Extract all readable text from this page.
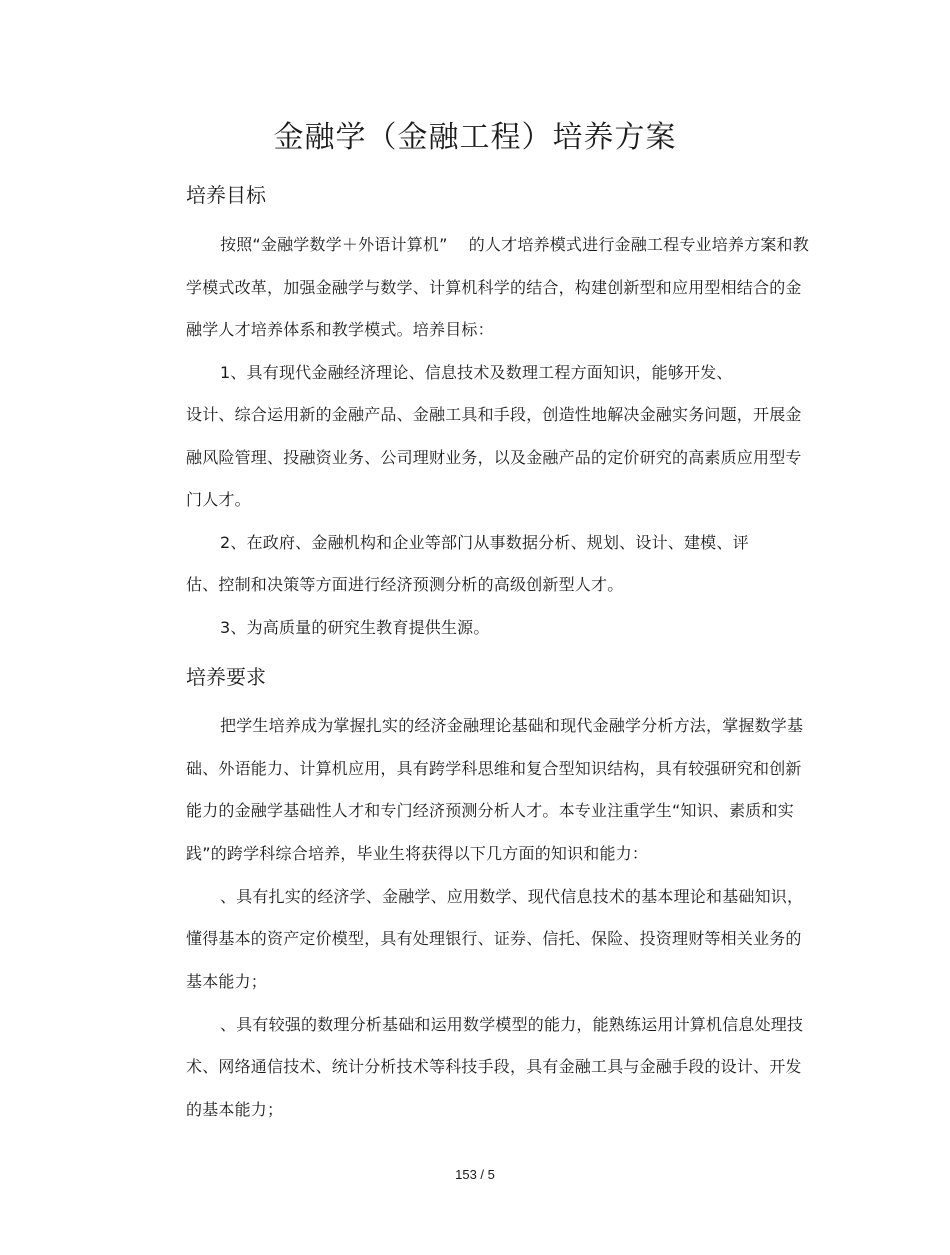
金融学（金融工程）培养方案
培养目标
按照“金融学数学＋外语计算机”    的人才培养模式进行金融工程专业培养方案和教
学模式改革，加强金融学与数学、计算机科学的结合，构建创新型和应用型相结合的金
融学人才培养体系和教学模式。培养目标：
1、具有现代金融经济理论、信息技术及数理工程方面知识，能够开发、
设计、综合运用新的金融产品、金融工具和手段，创造性地解决金融实务问题，开展金
融风险管理、投融资业务、公司理财业务，以及金融产品的定价研究的高素质应用型专
门人才。
2、在政府、金融机构和企业等部门从事数据分析、规划、设计、建模、评
估、控制和决策等方面进行经济预测分析的高级创新型人才。
3、为高质量的研究生教育提供生源。
培养要求
把学生培养成为掌握扎实的经济金融理论基础和现代金融学分析方法，掌握数学基
础、外语能力、计算机应用，具有跨学科思维和复合型知识结构，具有较强研究和创新
能力的金融学基础性人才和专门经济预测分析人才。本专业注重学生“知识、素质和实
践”的跨学科综合培养，毕业生将获得以下几方面的知识和能力：
、具有扎实的经济学、金融学、应用数学、现代信息技术的基本理论和基础知识，
懂得基本的资产定价模型，具有处理银行、证券、信托、保险、投资理财等相关业务的
基本能力；
、具有较强的数理分析基础和运用数学模型的能力，能熟练运用计算机信息处理技
术、网络通信技术、统计分析技术等科技手段，具有金融工具与金融手段的设计、开发
的基本能力；
153 / 5
